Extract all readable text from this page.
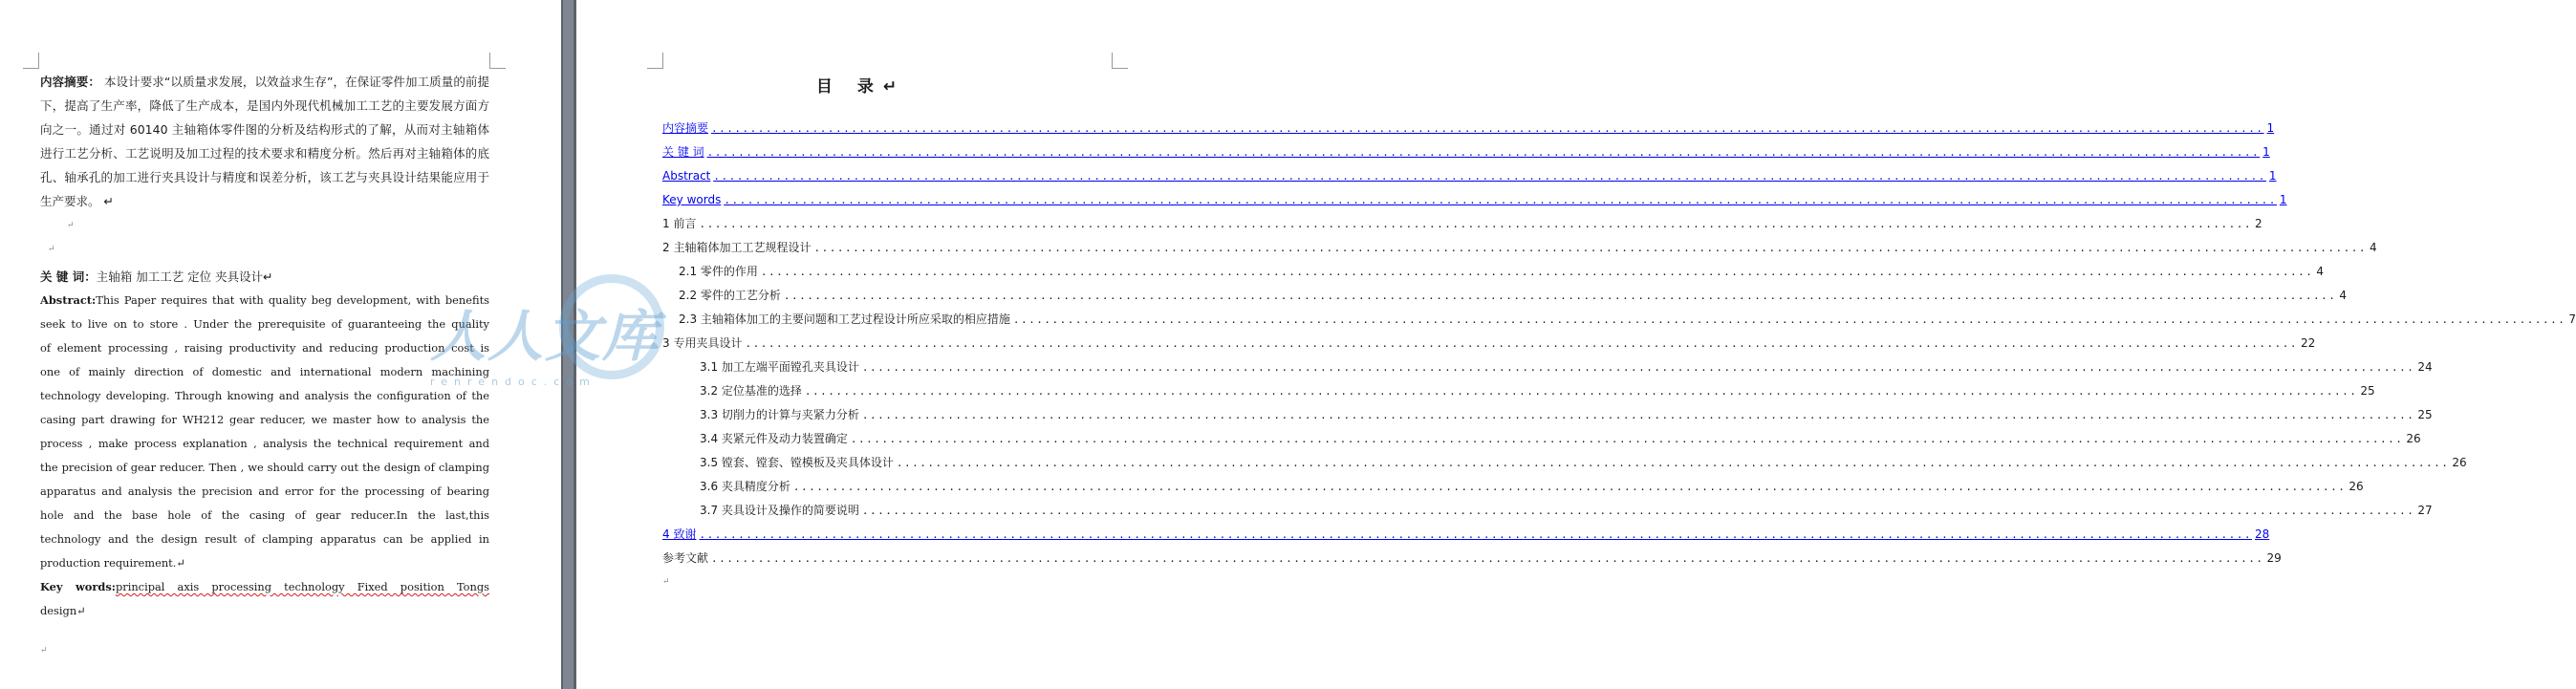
内容摘要： 本设计要求“以质量求发展，以效益求生存”，在保证零件加工质量的前提下，提高了生产率，降低了生产成本，是国内外现代机械加工工艺的主要发展方面方向之一。通过对 60140 主轴箱体零件图的分析及结构形式的了解，从而对主轴箱体进行工艺分析、工艺说明及加工过程的技术要求和精度分析。然后再对主轴箱体的底孔、轴承孔的加工进行夹具设计与精度和误差分析，该工艺与夹具设计结果能应用于生产要求。 ↵

↵
↵
关 键 词：主轴箱 加工工艺 定位 夹具设计↵
Abstract:This Paper requires that with quality beg development, with benefits
seek to live on to store . Under the prerequisite of guaranteeing the quality
of element processing , raising productivity and reducing production cost is
one of mainly direction of domestic and international modern machining
technology developing. Through knowing and analysis the configuration of the
casing part drawing for WH212 gear reducer, we master how to analysis the
process , make process explanation , analysis the technical requirement and
the precision of gear reducer. Then , we should carry out the design of clamping
apparatus and analysis the precision and error for the processing of bearing
hole and the base hole of the casing of gear reducer.In the last,this
technology and the design result of clamping apparatus can be applied in
production requirement.↵
Key words:principal axis processing technology Fixed position Tongs
design↵
↵
目 录↵
内容摘要 ........................................................................................................................................................................................................ 1
关 键 词 ........................................................................................................................................................................................................ 1
Abstract ........................................................................................................................................................................................................ 1
Key words ........................................................................................................................................................................................................ 1
1 前言 ........................................................................................................................................................................................................ 2
2 主轴箱体加工工艺规程设计 ........................................................................................................................................................................................................ 4
2.1 零件的作用 ........................................................................................................................................................................................................ 4
2.2 零件的工艺分析 ........................................................................................................................................................................................................ 4
2.3 主轴箱体加工的主要问题和工艺过程设计所应采取的相应措施 ........................................................................................................................................................................................................ 7
3 专用夹具设计 ........................................................................................................................................................................................................ 22
3.1 加工左端平面镗孔夹具设计 ........................................................................................................................................................................................................ 24
3.2 定位基准的选择 ........................................................................................................................................................................................................ 25
3.3 切削力的计算与夹紧力分析 ........................................................................................................................................................................................................ 25
3.4 夹紧元件及动力装置确定 ........................................................................................................................................................................................................ 26
3.5 镗套、镗套、镗模板及夹具体设计 ........................................................................................................................................................................................................ 26
3.6 夹具精度分析 ........................................................................................................................................................................................................ 26
3.7 夹具设计及操作的简要说明 ........................................................................................................................................................................................................ 27
4 致谢 ........................................................................................................................................................................................................ 28
参考文献 ........................................................................................................................................................................................................ 29
↵
人人文库
renrendoc.com
